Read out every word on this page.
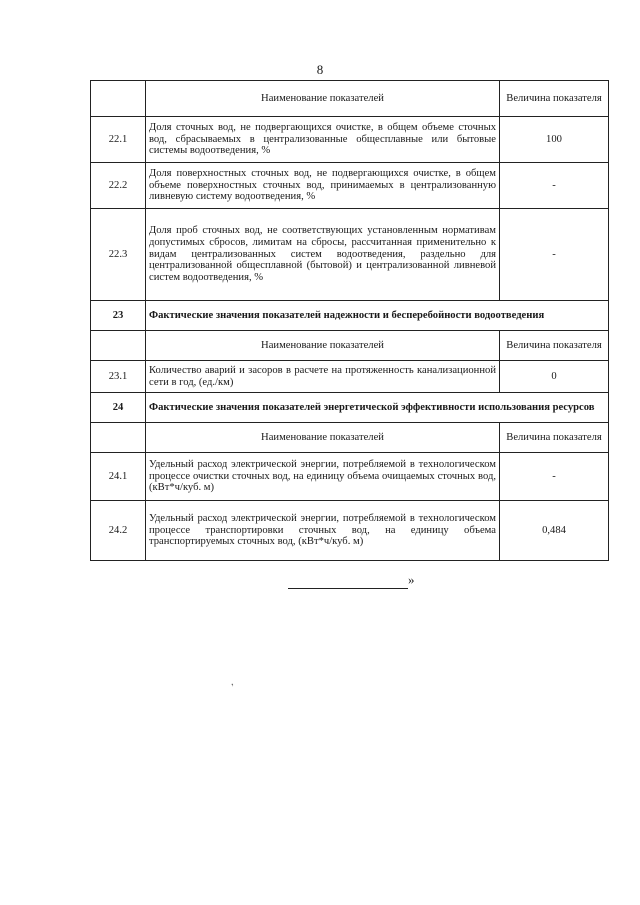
8
	Наименование показателей	Величина показателя
22.1	Доля сточных вод, не подвергающихся очистке, в общем объеме сточных вод, сбрасываемых в централизованные общесплавные или бытовые системы водоотведения, %	100
22.2	Доля поверхностных сточных вод, не подвергающихся очистке, в общем объеме поверхностных сточных вод, принимаемых в централизованную ливневую систему водоотведения, %	-
22.3	Доля проб сточных вод, не соответствующих установленным нормативам допустимых сбросов, лимитам на сбросы, рассчитанная применительно к видам централизованных систем водоотведения, раздельно для централизованной общесплавной (бытовой) и централизованной ливневой систем водоотведения, %	-
23	Фактические значения показателей надежности и бесперебойности водоотведения	
	Наименование показателей	Величина показателя
23.1	Количество аварий и засоров в расчете на протяженность канализационной сети в год, (ед./км)	0
24	Фактические значения показателей энергетической эффективности использования ресурсов	
	Наименование показателей	Величина показателя
24.1	Удельный расход электрической энергии, потребляемой в технологическом процессе очистки сточных вод, на единицу объема очищаемых сточных вод, (кВт*ч/куб. м)	-
24.2	Удельный расход электрической энергии, потребляемой в технологическом процессе транспортировки сточных вод, на единицу объема транспортируемых сточных вод, (кВт*ч/куб. м)	0,484
»
ʼ
